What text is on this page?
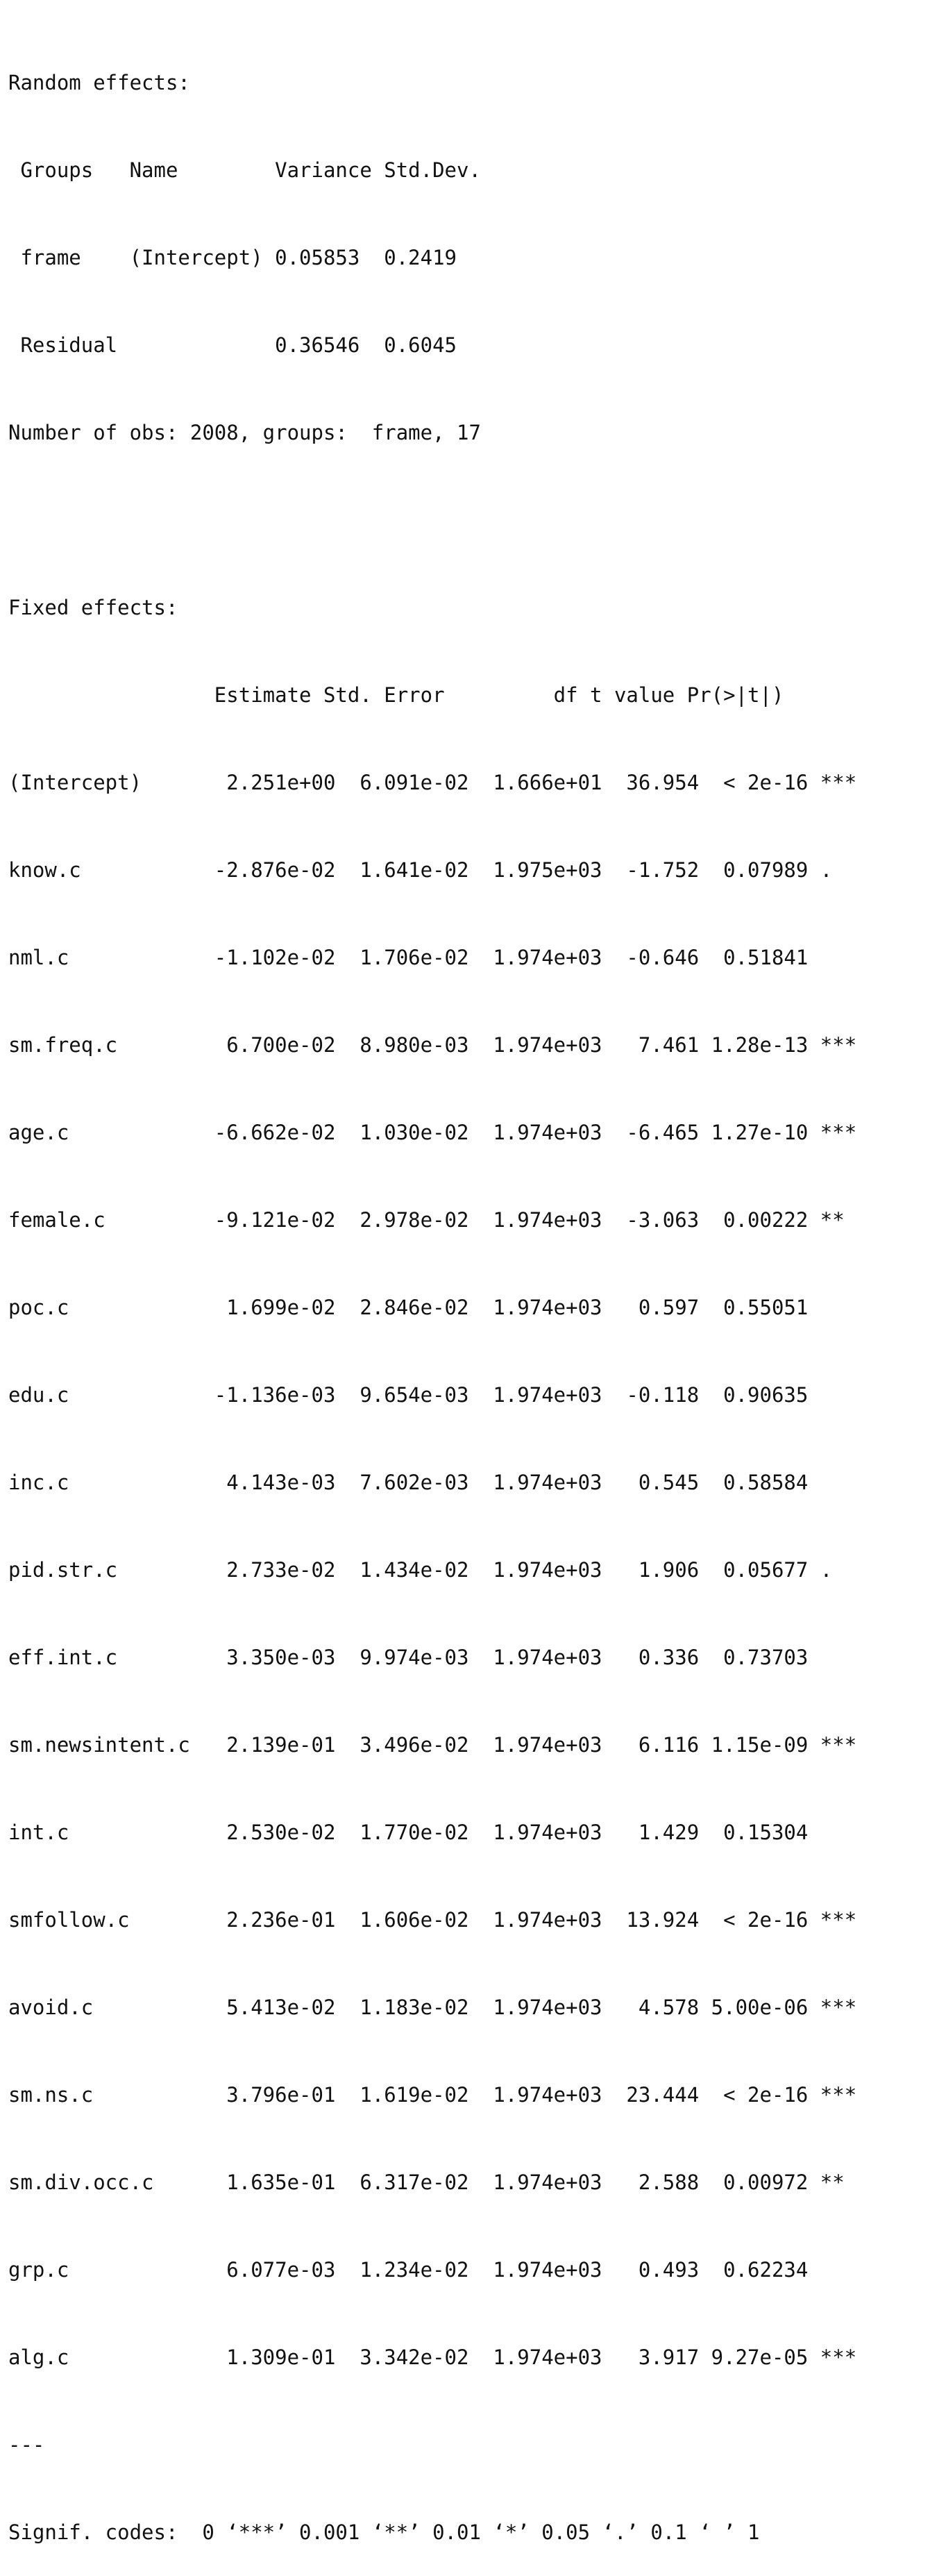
Random effects:

Groups   Name        Variance Std.Dev.

frame    (Intercept) 0.05853  0.2419

Residual             0.36546  0.6045

Number of obs: 2008, groups:  frame, 17

Fixed effects:

Estimate Std. Error         df t value Pr(>|t|)

(Intercept)       2.251e+00  6.091e-02  1.666e+01  36.954  < 2e-16 ***

know.c           -2.876e-02  1.641e-02  1.975e+03  -1.752  0.07989 .

nml.c            -1.102e-02  1.706e-02  1.974e+03  -0.646  0.51841

sm.freq.c         6.700e-02  8.980e-03  1.974e+03   7.461 1.28e-13 ***

age.c            -6.662e-02  1.030e-02  1.974e+03  -6.465 1.27e-10 ***

female.c         -9.121e-02  2.978e-02  1.974e+03  -3.063  0.00222 **

poc.c             1.699e-02  2.846e-02  1.974e+03   0.597  0.55051

edu.c            -1.136e-03  9.654e-03  1.974e+03  -0.118  0.90635

inc.c             4.143e-03  7.602e-03  1.974e+03   0.545  0.58584

pid.str.c         2.733e-02  1.434e-02  1.974e+03   1.906  0.05677 .

eff.int.c         3.350e-03  9.974e-03  1.974e+03   0.336  0.73703

sm.newsintent.c   2.139e-01  3.496e-02  1.974e+03   6.116 1.15e-09 ***

int.c             2.530e-02  1.770e-02  1.974e+03   1.429  0.15304

smfollow.c        2.236e-01  1.606e-02  1.974e+03  13.924  < 2e-16 ***

avoid.c           5.413e-02  1.183e-02  1.974e+03   4.578 5.00e-06 ***

sm.ns.c           3.796e-01  1.619e-02  1.974e+03  23.444  < 2e-16 ***

sm.div.occ.c      1.635e-01  6.317e-02  1.974e+03   2.588  0.00972 **

grp.c             6.077e-03  1.234e-02  1.974e+03   0.493  0.62234

alg.c             1.309e-01  3.342e-02  1.974e+03   3.917 9.27e-05 ***

---

Signif. codes:  0 ‘***’ 0.001 ‘**’ 0.01 ‘*’ 0.05 ‘.’ 0.1 ‘ ’ 1
